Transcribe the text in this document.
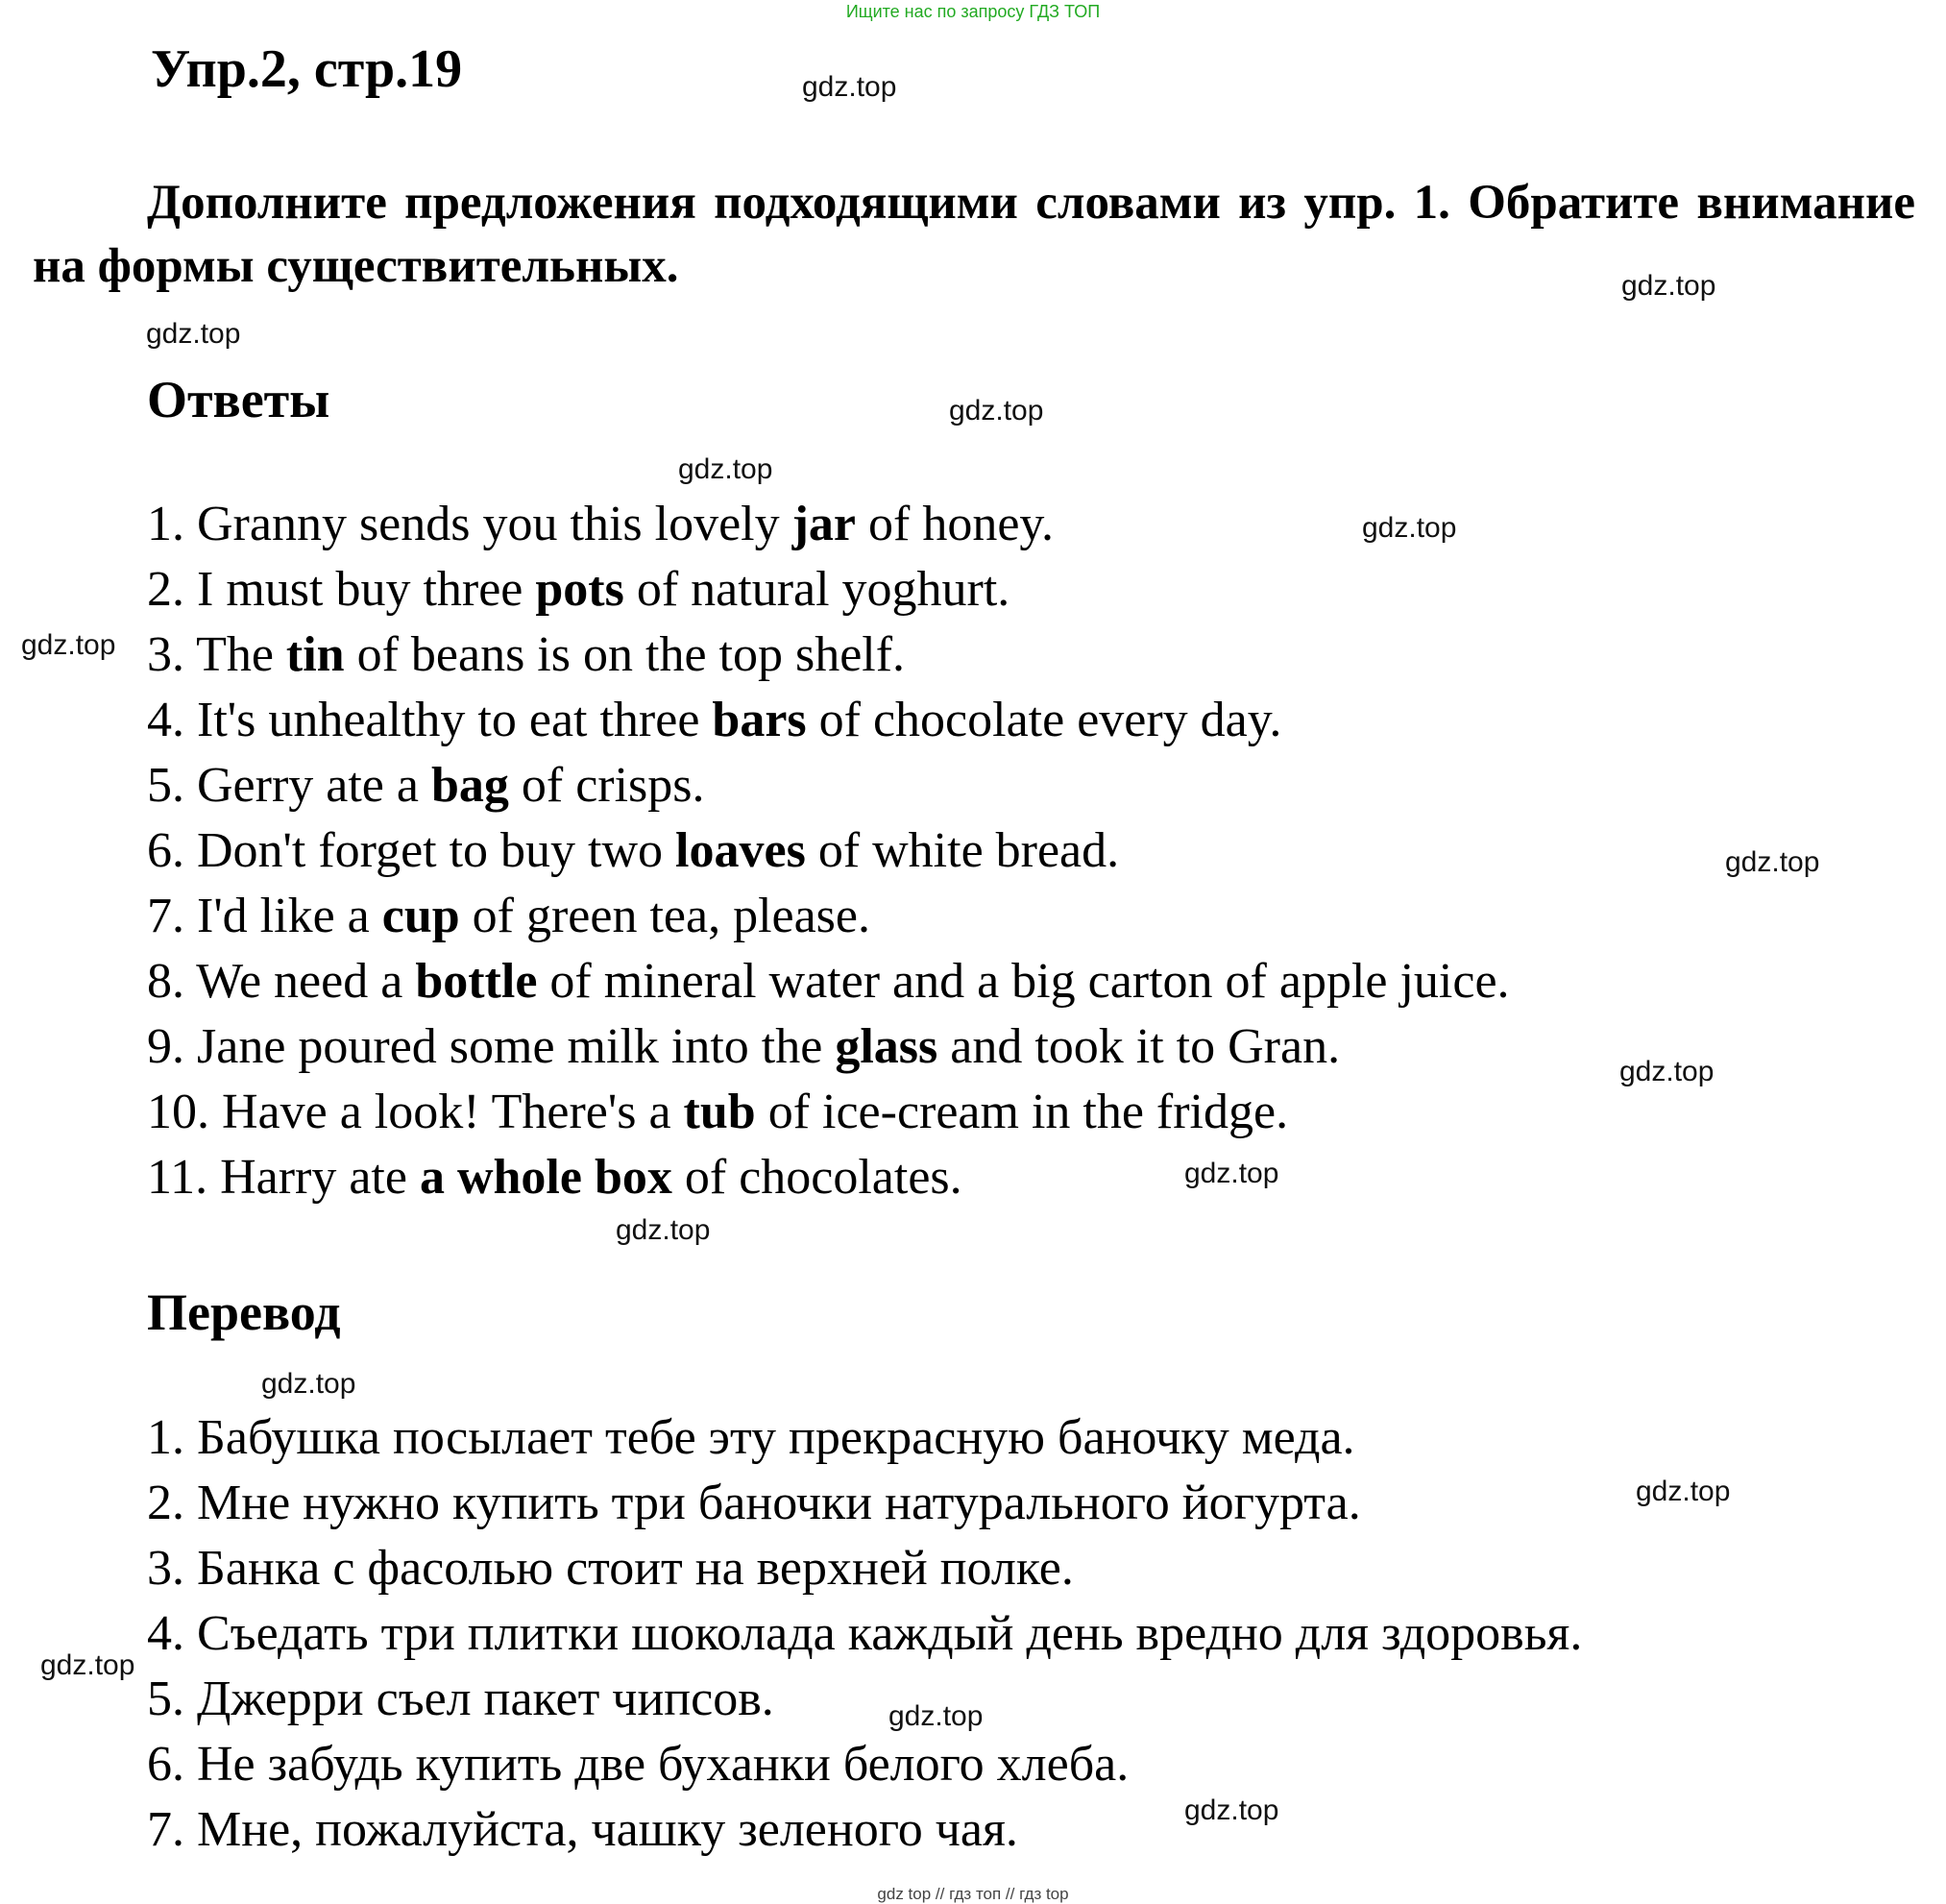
Ищите нас по запросу ГДЗ ТОП
Упр.2, стр.19
Дополните предложения подходящими словами из упр. 1. Обратите внимание на формы существительных.
Ответы
1. Granny sends you this lovely jar of honey.
2. I must buy three pots of natural yoghurt.
3. The tin of beans is on the top shelf.
4. It's unhealthy to eat three bars of chocolate every day.
5. Gerry ate a bag of crisps.
6. Don't forget to buy two loaves of white bread.
7. I'd like a cup of green tea, please.
8. We need a bottle of mineral water and a big carton of apple juice.
9. Jane poured some milk into the glass and took it to Gran.
10. Have a look! There's a tub of ice-cream in the fridge.
11. Harry ate a whole box of chocolates.
Перевод
1. Бабушка посылает тебе эту прекрасную баночку меда.
2. Мне нужно купить три баночки натурального йогурта.
3. Банка с фасолью стоит на верхней полке.
4. Съедать три плитки шоколада каждый день вредно для здоровья.
5. Джерри съел пакет чипсов.
6. Не забудь купить две буханки белого хлеба.
7. Мне, пожалуйста, чашку зеленого чая.
gdz.top
gdz.top
gdz.top
gdz.top
gdz.top
gdz.top
gdz.top
gdz.top
gdz.top
gdz.top
gdz.top
gdz.top
gdz.top
gdz.top
gdz.top
gdz.top
gdz top // гдз топ // гдз top
